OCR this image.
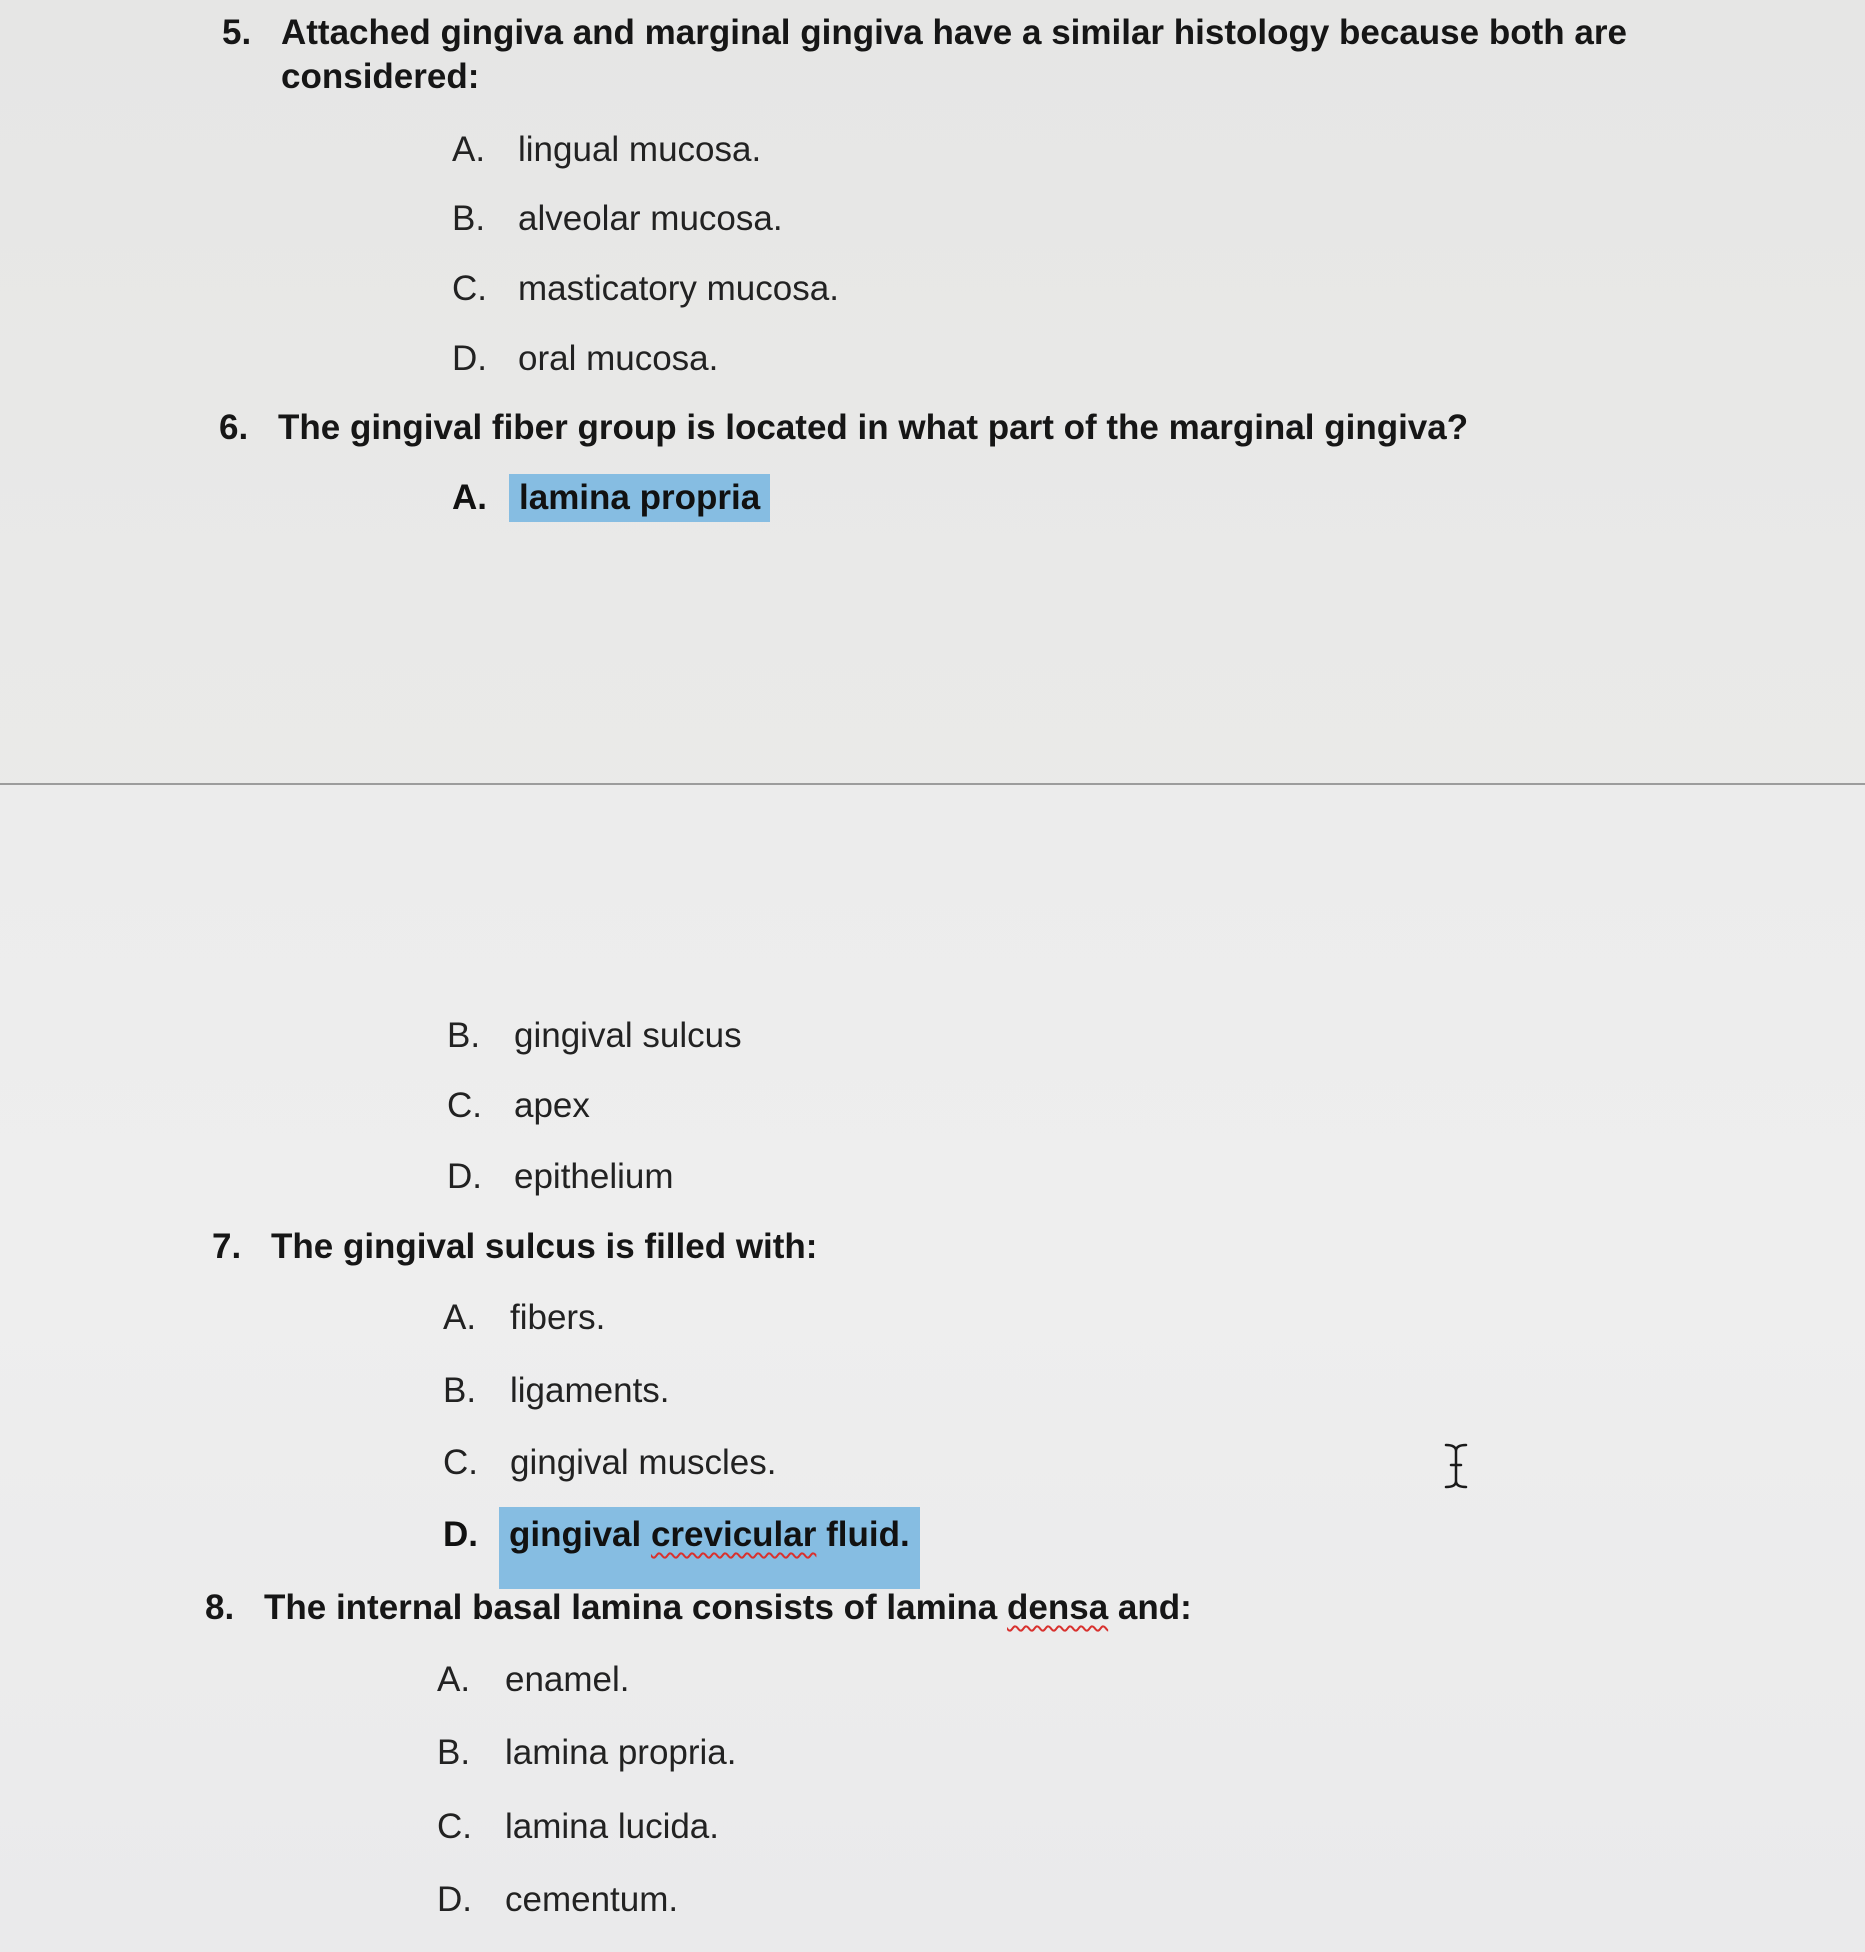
5. Attached gingiva and marginal gingiva have a similar histology because both are
considered:
A. lingual mucosa.
B. alveolar mucosa.
C. masticatory mucosa.
D. oral mucosa.
6. The gingival fiber group is located in what part of the marginal gingiva?
A. lamina propria
B. gingival sulcus
C. apex
D. epithelium
7. The gingival sulcus is filled with:
A. fibers.
B. ligaments.
C. gingival muscles.
D. gingival crevicular fluid.
8. The internal basal lamina consists of lamina densa and:
A. enamel.
B. lamina propria.
C. lamina lucida.
D. cementum.
